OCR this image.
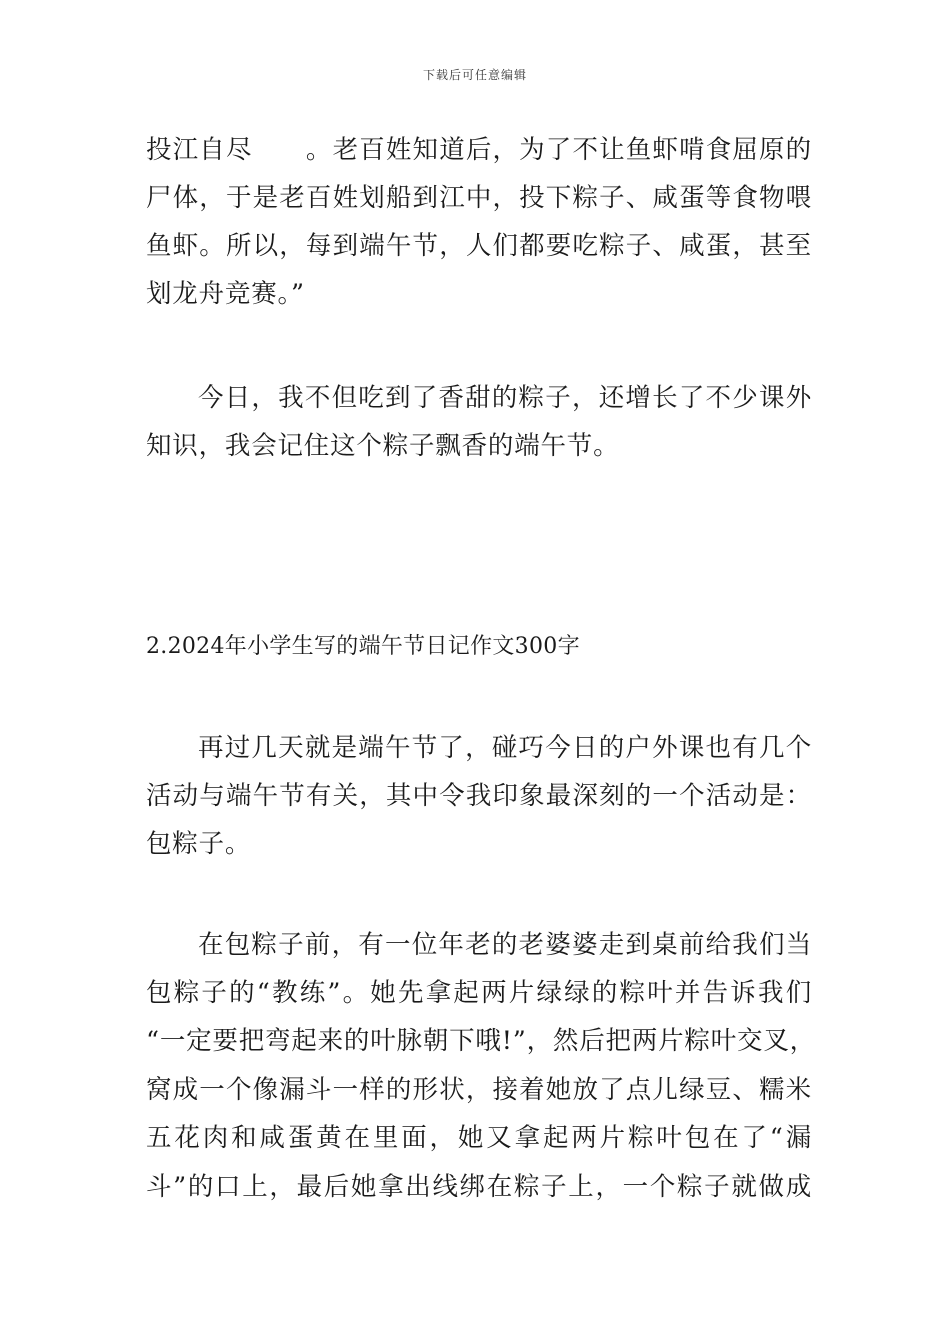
下载后可任意编辑
投江自尽　　。老百姓知道后，为了不让鱼虾啃食屈原的
尸体，于是老百姓划船到江中，投下粽子、咸蛋等食物喂
鱼虾。所以，每到端午节，人们都要吃粽子、咸蛋，甚至
划龙舟竞赛。”
今日，我不但吃到了香甜的粽子，还增长了不少课外
知识，我会记住这个粽子飘香的端午节。
2.2024年小学生写的端午节日记作文300字
再过几天就是端午节了，碰巧今日的户外课也有几个
活动与端午节有关，其中令我印象最深刻的一个活动是：
包粽子。
在包粽子前，有一位年老的老婆婆走到桌前给我们当
包粽子的“教练”。她先拿起两片绿绿的粽叶并告诉我们
“一定要把弯起来的叶脉朝下哦!”，然后把两片粽叶交叉，
窝成一个像漏斗一样的形状，接着她放了点儿绿豆、糯米
五花肉和咸蛋黄在里面，她又拿起两片粽叶包在了“漏
斗”的口上，最后她拿出线绑在粽子上，一个粽子就做成
